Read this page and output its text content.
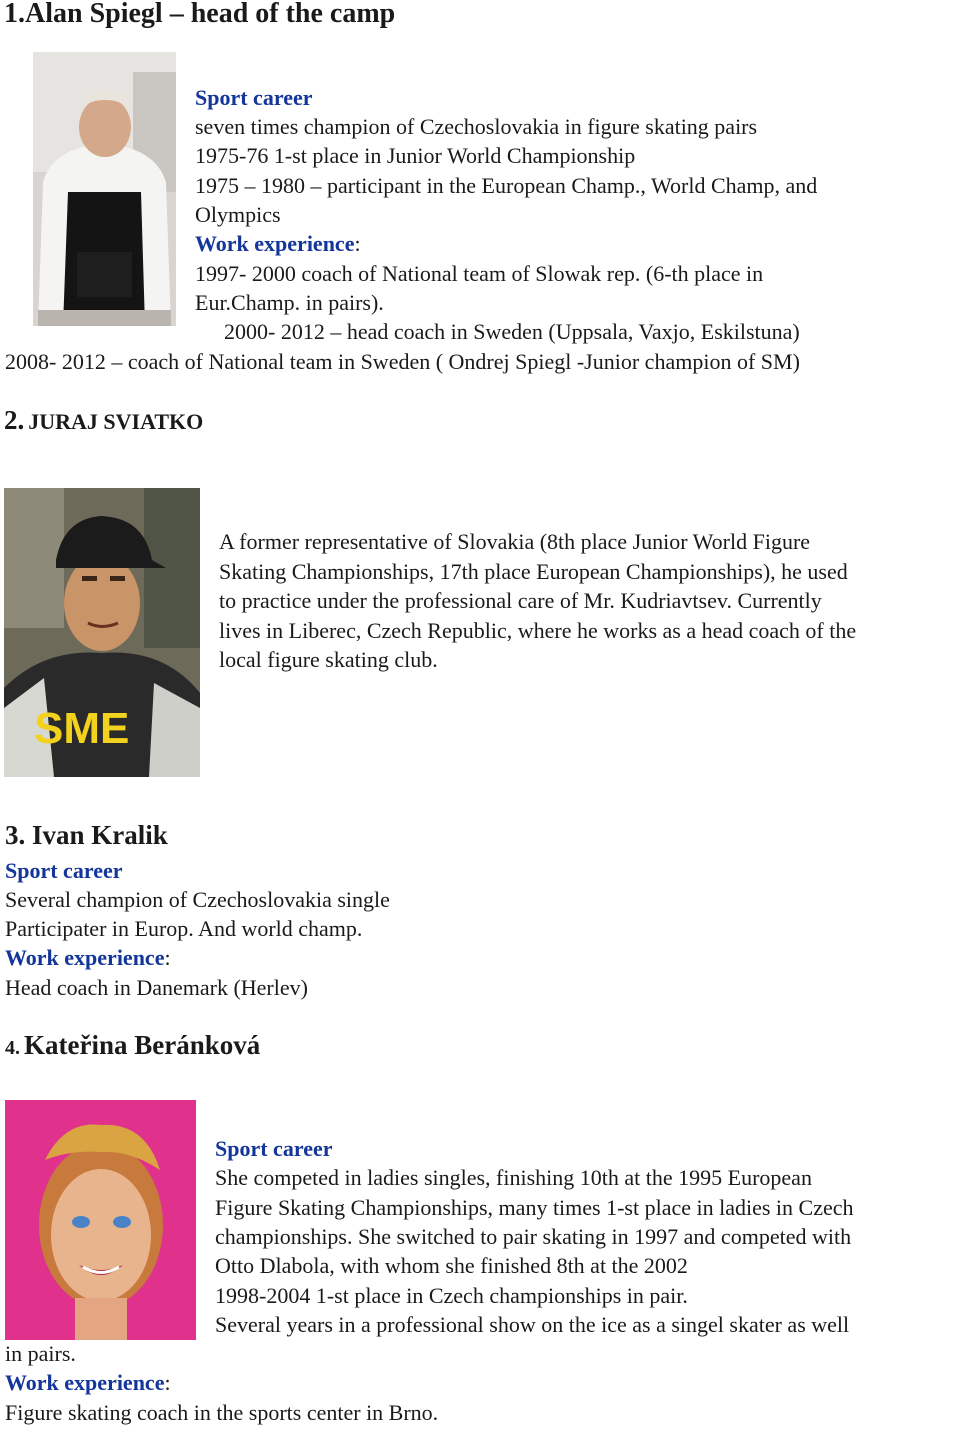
1.Alan Spiegl – head of the camp
Sport career
seven times champion of Czechoslovakia in figure skating pairs
1975-76 1-st place in Junior World Championship
1975 – 1980 – participant in the European Champ., World Champ, and
Olympics
Work experience:
1997- 2000 coach of National team of Slowak rep. (6-th place in
Eur.Champ. in pairs).
2000- 2012 – head coach in Sweden (Uppsala, Vaxjo, Eskilstuna)
2008- 2012 – coach of National team in Sweden ( Ondrej Spiegl -Junior champion of SM)
2. JURAJ SVIATKO
SME
A former representative of Slovakia (8th place Junior World Figure
Skating Championships, 17th place European Championships), he used
to practice under the professional care of Mr. Kudriavtsev. Currently
lives in Liberec, Czech Republic, where he works as a head coach of the
local figure skating club.
3. Ivan Kralik
Sport career
Several champion of Czechoslovakia single
Participater in Europ. And world champ.
Work experience:
Head coach in Danemark (Herlev)
4. Kateřina Beránková
Sport career
She competed in ladies singles, finishing 10th at the 1995 European
Figure Skating Championships, many times 1-st place in ladies in Czech
championships. She switched to pair skating in 1997 and competed with
Otto Dlabola, with whom she finished 8th at the 2002
1998-2004 1-st place in Czech championships in pair.
Several years in a professional show on the ice as a singel skater as well
in pairs.
Work experience:
Figure skating coach in the sports center in Brno.
